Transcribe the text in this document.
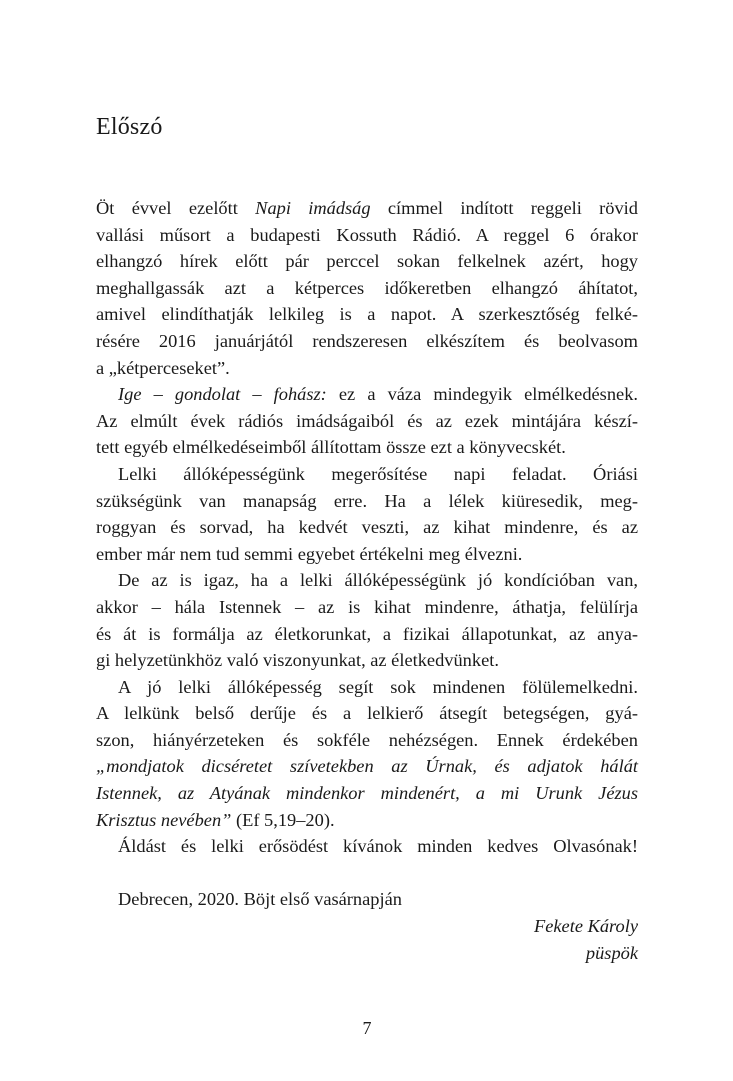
Előszó

Öt évvel ezelőtt Napi imádság címmel indított reggeli rövid
vallási műsort a budapesti Kossuth Rádió. A reggel 6 órakor
elhangzó hírek előtt pár perccel sokan felkelnek azért, hogy
meghallgassák azt a kétperces időkeretben elhangzó áhítatot,
amivel elindíthatják lelkileg is a napot. A szerkesztőség felké-
résére 2016 januárjától rendszeresen elkészítem és beolvasom
a „kétperceseket”.

Ige – gondolat – fohász: ez a váza mindegyik elmélkedésnek.
Az elmúlt évek rádiós imádságaiból és az ezek mintájára készí-
tett egyéb elmélkedéseimből állítottam össze ezt a könyvecskét.

Lelki állóképességünk megerősítése napi feladat. Óriási
szükségünk van manapság erre. Ha a lélek kiüresedik, meg-
roggyan és sorvad, ha kedvét veszti, az kihat mindenre, és az
ember már nem tud semmi egyebet értékelni meg élvezni.

De az is igaz, ha a lelki állóképességünk jó kondícióban van,
akkor – hála Istennek – az is kihat mindenre, áthatja, felülírja
és át is formálja az életkorunkat, a fizikai állapotunkat, az anya-
gi helyzetünkhöz való viszonyunkat, az életkedvünket.

A jó lelki állóképesség segít sok mindenen fölülemelkedni.
A lelkünk belső derűje és a lelkierő átsegít betegségen, gyá-
szon, hiányérzeteken és sokféle nehézségen. Ennek érdekében
„mondjatok dicséretet szívetekben az Úrnak, és adjatok hálát
Istennek, az Atyának mindenkor mindenért, a mi Urunk Jézus
Krisztus nevében” (Ef 5,19–20).

Áldást és lelki erősödést kívánok minden kedves Olvasónak!

Debrecen, 2020. Böjt első vasárnapján

Fekete Károly
püspök
7
